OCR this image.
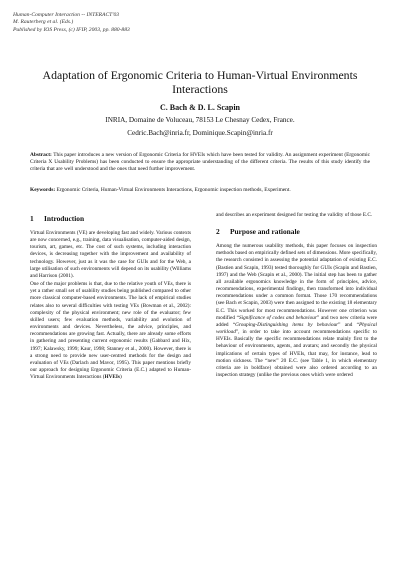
Human-Computer Interaction -- INTERACT'03
M. Rauterberg et al. (Eds.)
Published by IOS Press, (c) IFIP, 2003, pp. 880-883
Adaptation of Ergonomic Criteria to Human-Virtual Environments Interactions
C. Bach & D. L. Scapin
INRIA, Domaine de Voluceau, 78153 Le Chesnay Cedex, France.
Cedric.Bach@inria.fr, Dominique.Scapin@inria.fr
Abstract: This paper introduces a new version of Ergonomic Criteria for HVEIs which have been tested for validity. An assignment experiment (Ergonomic Criteria X Usability Problems) has been conducted to ensure the appropriate understanding of the different criteria. The results of this study identify the criteria that are well understood and the ones that need further improvement.
Keywords: Ergonomic Criteria, Human-Virtual Environments Interactions, Ergonomic inspection methods, Experiment.
1 Introduction

Virtual Environments (VE) are developing fast and widely. Various contexts are now concerned, e.g., training, data visualisation, computer-aided design, tourism, art, games, etc. The cost of such systems, including interaction devices, is decreasing together with the improvement and availability of technology. However, just as it was the case for GUIs and for the Web, a large utilisation of such environments will depend on its usability (Williams and Harrison (2001).

One of the major problems is that, due to the relative youth of VEs, there is yet a rather small set of usability studies being published compared to other more classical computer-based environments. The lack of empirical studies relates also to several difficulties with testing VEs (Bowman et al., 2002): complexity of the physical environment; new role of the evaluator; few skilled users; few evaluation methods, variability and evolution of environments and devices. Nevertheless, the advice, principles, and recommendations are growing fast. Actually, there are already some efforts in gathering and presenting current ergonomic results (Gabbard and Hix, 1997; Kalawsky, 1999; Kaur, 1998; Stanney et al., 2000). However, there is a strong need to provide new user-centred methods for the design and evaluation of VEs (Darlach and Mavor, 1995). This paper mentions briefly our approach for designing Ergonomic Criteria (E.C.) adapted to Human-Virtual Environments Interactions (HVEIs)

and describes an experiment designed for testing the validity of those E.C.

2 Purpose and rationale

Among the numerous usability methods, this paper focuses on inspection methods based on empirically defined sets of dimensions. More specifically, the research consisted in assessing the potential adaptation of existing E.C. (Bastien and Scapin, 1993) tested thoroughly for GUIs (Scapin and Bastien, 1997) and the Web (Scapin et al., 2000). The initial step has been to gather all available ergonomics knowledge in the form of principles, advice, recommendations, experimental findings, then transformed into individual recommendations under a common format. Those 170 recommendations (see Bach et Scapin, 2003) were then assigned to the existing 18 elementary E.C. This worked for most recommendations. However one criterion was modified “Significance of codes and behaviour” and two new criteria were added “Grouping-Distinguishing items by behaviour” and “Physical workload”, in order to take into account recommendations specific to HVEIs. Basically the specific recommendations relate mainly first to the behaviour of environments, agents, and avatars; and secondly the physical implications of certain types of HVEIs, that may, for instance, lead to motion sickness. The “new” 20 E.C. (see Table 1, in which elementary criteria are in boldface) obtained were also ordered according to an inspection strategy (unlike the previous ones which were ordered
